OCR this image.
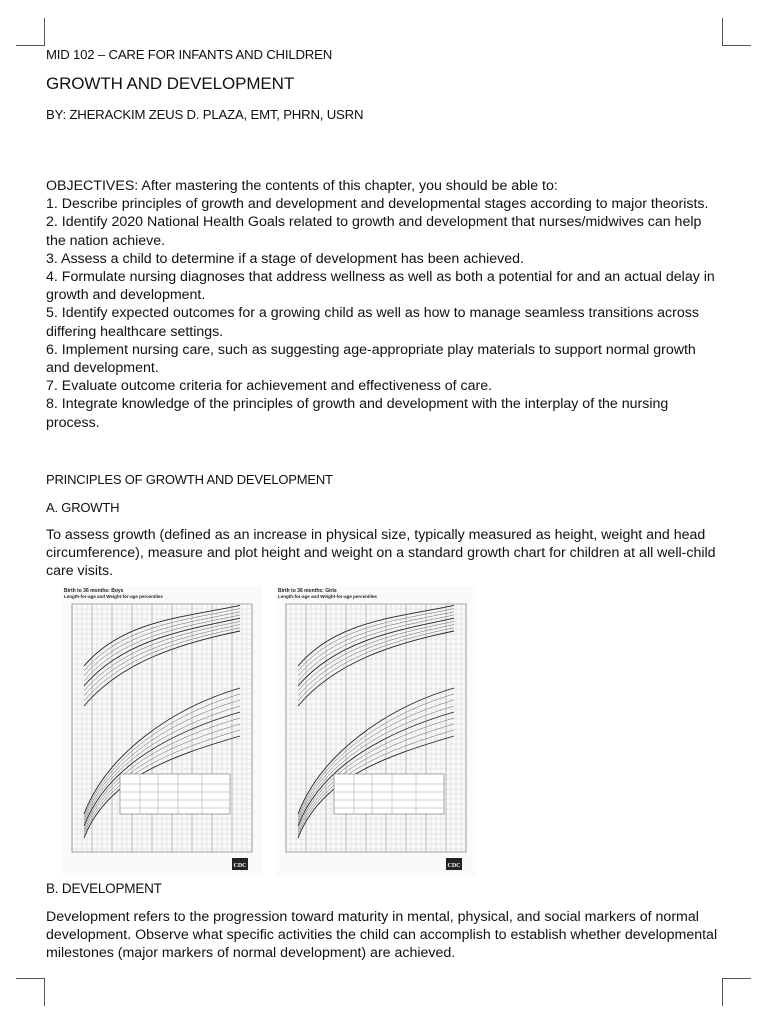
MID 102 – CARE FOR INFANTS AND CHILDREN
GROWTH AND DEVELOPMENT
BY: ZHERACKIM ZEUS D. PLAZA, EMT, PHRN, USRN

OBJECTIVES: After mastering the contents of this chapter, you should be able to:

1. Describe principles of growth and development and developmental stages according to major theorists.

2. Identify 2020 National Health Goals related to growth and development that nurses/midwives can help the nation achieve.

3. Assess a child to determine if a stage of development has been achieved.

4. Formulate nursing diagnoses that address wellness as well as both a potential for and an actual delay in growth and development.

5. Identify expected outcomes for a growing child as well as how to manage seamless transitions across differing healthcare settings.

6. Implement nursing care, such as suggesting age-appropriate play materials to support normal growth and development.

7. Evaluate outcome criteria for achievement and effectiveness of care.

8. Integrate knowledge of the principles of growth and development with the interplay of the nursing process.

PRINCIPLES OF GROWTH AND DEVELOPMENT
A. GROWTH

To assess growth (defined as an increase in physical size, typically measured as height, weight and head circumference), measure and plot height and weight on a standard growth chart for children at all well-child care visits.

Birth to 36 months: Boys
Length-for-age and Weight-for-age percentiles
CDC
Birth to 36 months: Girls
Length-for-age and Weight-for-age percentiles
CDC
B. DEVELOPMENT

Development refers to the progression toward maturity in mental, physical, and social markers of normal development. Observe what specific activities the child can accomplish to establish whether developmental milestones (major markers of normal development) are achieved.
